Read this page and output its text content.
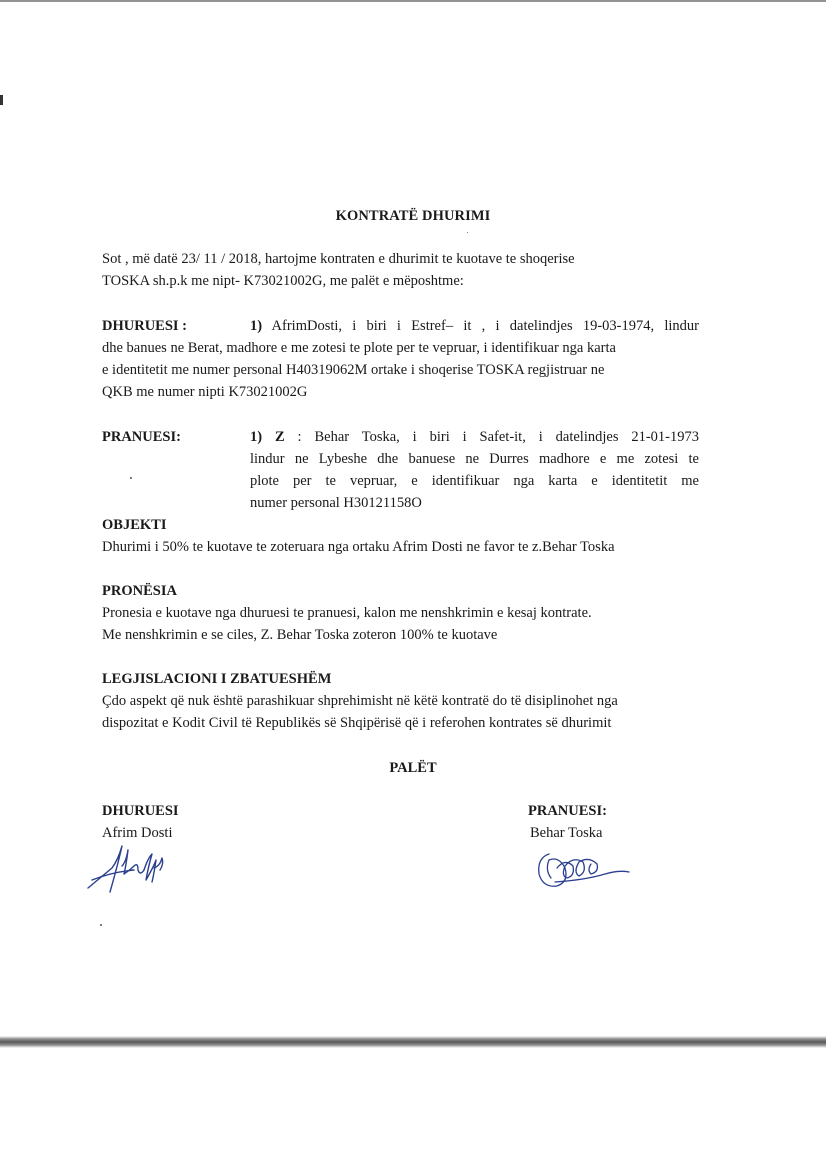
KONTRATË DHURIMI
Sot , më datë 23/ 11 / 2018, hartojme kontraten e dhurimit te kuotave te shoqerise
TOSKA sh.p.k me nipt- K73021002G, me palët e mëposhtme:
DHURUESI :	1) AfrimDosti, i biri i Estref– it , i datelindjes 19-03-1974, lindur
dhe banues ne Berat, madhore e me zotesi te plote per te vepruar, i identifikuar nga karta
e identitetit me numer personal H40319062M ortake i shoqerise TOSKA regjistruar ne
QKB me numer nipti K73021002G
PRANUESI:	1) Z : Behar Toska, i biri i Safet-it, i datelindjes 21-01-1973
lindur ne Lybeshe dhe banuese ne Durres madhore e me zotesi te
plote per te vepruar, e identifikuar nga karta e identitetit me
numer personal H30121158O
OBJEKTI
Dhurimi i 50% te kuotave te zoteruara nga ortaku Afrim Dosti ne favor te z.Behar Toska
PRONËSIA
Pronesia e kuotave nga dhuruesi te pranuesi, kalon me nenshkrimin e kesaj kontrate.
Me nenshkrimin e se ciles, Z. Behar Toska zoteron 100% te kuotave
LEGJISLACIONI I ZBATUESHËM
Çdo aspekt që nuk është parashikuar shprehimisht në këtë kontratë do të disiplinohet nga
dispozitat e Kodit Civil të Republikës së Shqipërisë që i referohen kontrates së dhurimit
PALËT
DHURUESI
Afrim Dosti
PRANUESI:
Behar Toska
